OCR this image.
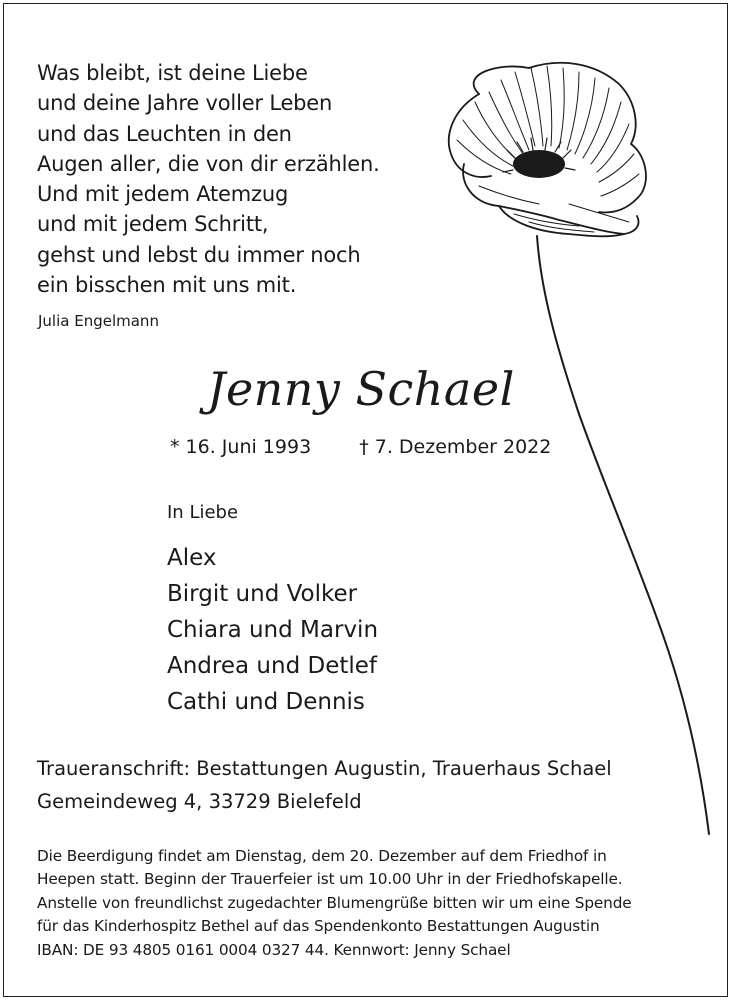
Was bleibt, ist deine Liebe
und deine Jahre voller Leben
und das Leuchten in den
Augen aller, die von dir erzählen.
Und mit jedem Atemzug
und mit jedem Schritt,
gehst und lebst du immer noch
ein bisschen mit uns mit.
Julia Engelmann
Jenny Schael
* 16. Juni 1993	† 7. Dezember 2022
In Liebe
Alex
Birgit und Volker
Chiara und Marvin
Andrea und Detlef
Cathi und Dennis
Traueranschrift: Bestattungen Augustin, Trauerhaus Schael
Gemeindeweg 4, 33729 Bielefeld
Die Beerdigung findet am Dienstag, dem 20. Dezember auf dem Friedhof in
Heepen statt. Beginn der Trauerfeier ist um 10.00 Uhr in der Friedhofskapelle.
Anstelle von freundlichst zugedachter Blumengrüße bitten wir um eine Spende
für das Kinderhospitz Bethel auf das Spendenkonto Bestattungen Augustin
IBAN: DE 93 4805 0161 0004 0327 44. Kennwort: Jenny Schael
